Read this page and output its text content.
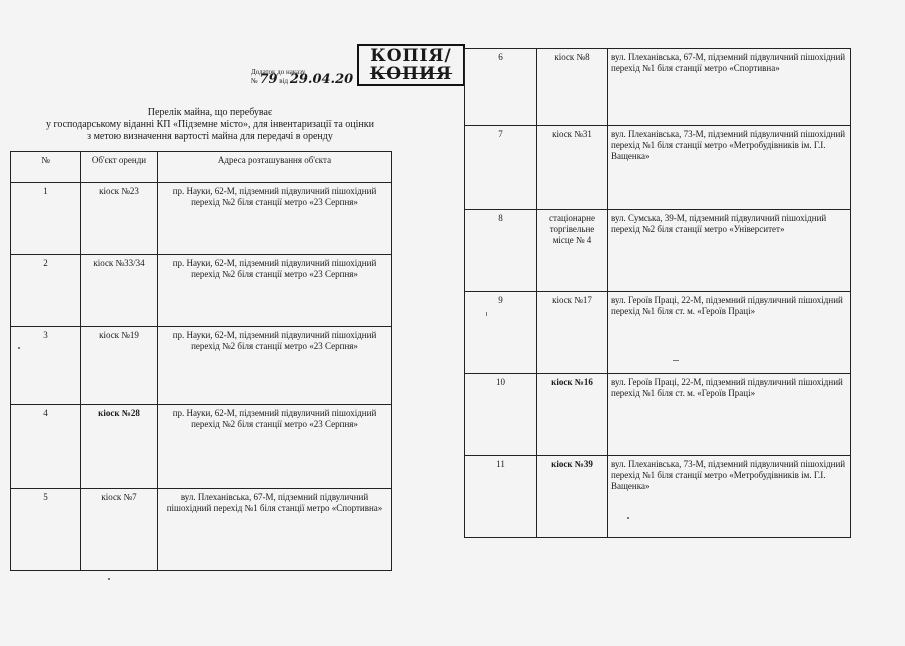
КОПІЯ/
КОПИЯ
Додаток до наказу
№ 79 від 29.04.20
Перелік майна, що перебуває
у господарському віданні КП «Підземне місто», для інвентаризації та оцінки
з метою визначення вартості майна для передачі в оренду
№	Об'єкт оренди	Адреса розташування об'єкта
1	кіоск №23	пр. Науки, 62-М, підземний підвуличний пішохідний перехід №2 біля станції метро «23 Серпня»
2	кіоск №33/34	пр. Науки, 62-М, підземний підвуличний пішохідний перехід №2 біля станції метро «23 Серпня»
3	кіоск №19	пр. Науки, 62-М, підземний підвуличний пішохідний перехід №2 біля станції метро «23 Серпня»
4	кіоск №28	пр. Науки, 62-М, підземний підвуличний пішохідний перехід №2 біля станції метро «23 Серпня»
5	кіоск №7	вул. Плеханівська, 67-М, підземний підвуличний пішохідний перехід №1 біля станції метро «Спортивна»
6	кіоск №8	вул. Плеханівська, 67-М, підземний підвуличний пішохідний перехід №1 біля станції метро «Спортивна»
7	кіоск №31	вул. Плеханівська, 73-М, підземний підвуличний пішохідний перехід №1 біля станції метро «Метробудівників ім. Г.І. Ващенка»
8	стаціонарне торгівельне місце № 4	вул. Сумська, 39-М, підземний підвуличний пішохідний перехід №2 біля станції метро «Університет»
9	кіоск №17	вул. Героїв Праці, 22-М, підземний підвуличний пішохідний перехід №1 біля ст. м. «Героїв Праці»
10	кіоск №16	вул. Героїв Праці, 22-М, підземний підвуличний пішохідний перехід №1 біля ст. м. «Героїв Праці»
11	кіоск №39	вул. Плеханівська, 73-М, підземний підвуличний пішохідний перехід №1 біля станції метро «Метробудівників ім. Г.І. Ващенка»
